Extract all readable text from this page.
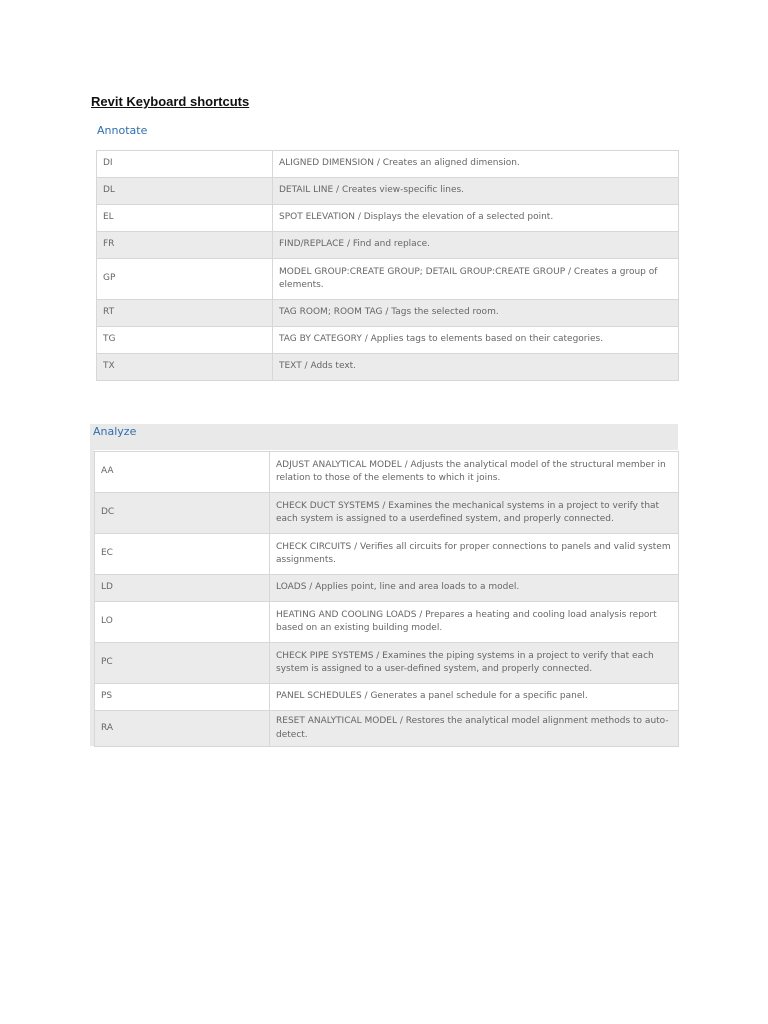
Revit Keyboard shortcuts
Annotate
DI	ALIGNED DIMENSION / Creates an aligned dimension.
DL	DETAIL LINE / Creates view-specific lines.
EL	SPOT ELEVATION / Displays the elevation of a selected point.
FR	FIND/REPLACE / Find and replace.
GP	MODEL GROUP:CREATE GROUP; DETAIL GROUP:CREATE GROUP / Creates a group of elements.
RT	TAG ROOM; ROOM TAG / Tags the selected room.
TG	TAG BY CATEGORY / Applies tags to elements based on their categories.
TX	TEXT / Adds text.
Analyze
AA	ADJUST ANALYTICAL MODEL / Adjusts the analytical model of the structural member in relation to those of the elements to which it joins.
DC	CHECK DUCT SYSTEMS / Examines the mechanical systems in a project to verify that each system is assigned to a userdefined system, and properly connected.
EC	CHECK CIRCUITS / Verifies all circuits for proper connections to panels and valid system assignments.
LD	LOADS / Applies point, line and area loads to a model.
LO	HEATING AND COOLING LOADS / Prepares a heating and cooling load analysis report based on an existing building model.
PC	CHECK PIPE SYSTEMS / Examines the piping systems in a project to verify that each system is assigned to a user-defined system, and properly connected.
PS	PANEL SCHEDULES / Generates a panel schedule for a specific panel.
RA	RESET ANALYTICAL MODEL / Restores the analytical model alignment methods to auto-detect.
